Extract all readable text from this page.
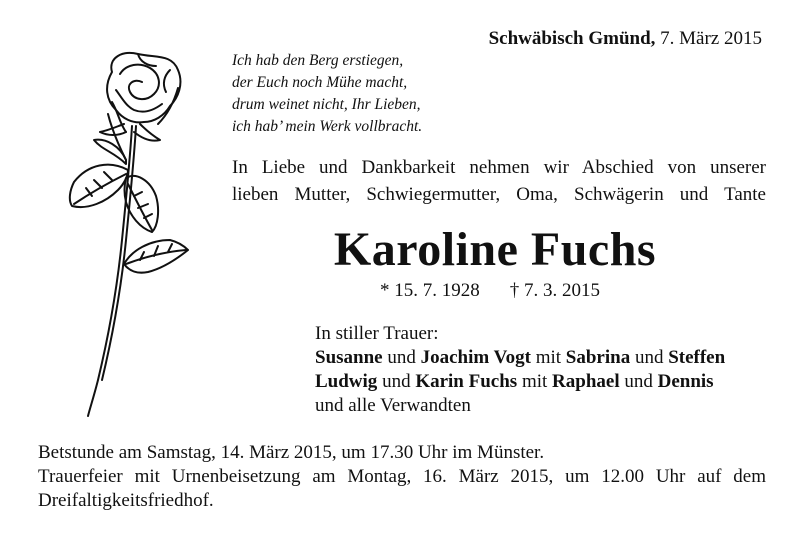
Schwäbisch Gmünd, 7. März 2015
Ich hab den Berg erstiegen,
der Euch noch Mühe macht,
drum weinet nicht, Ihr Lieben,
ich hab’ mein Werk vollbracht.
In Liebe und Dankbarkeit nehmen wir Abschied von unserer
lieben Mutter, Schwiegermutter, Oma, Schwägerin und Tante
Karoline Fuchs
* 15. 7. 1928 † 7. 3. 2015
In stiller Trauer:
Susanne und Joachim Vogt mit Sabrina und Steffen
Ludwig und Karin Fuchs mit Raphael und Dennis
und alle Verwandten
Betstunde am Samstag, 14. März 2015, um 17.30 Uhr im Münster.
Trauerfeier mit Urnenbeisetzung am Montag, 16. März 2015, um 12.00 Uhr auf dem
Dreifaltigkeitsfriedhof.
